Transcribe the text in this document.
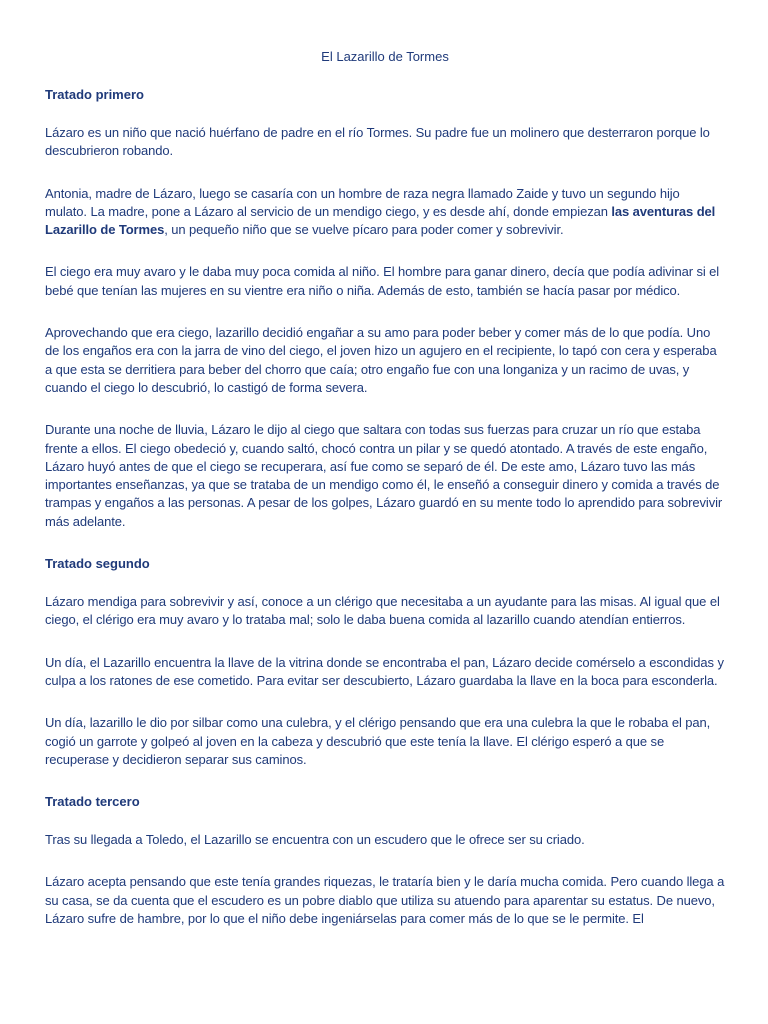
El Lazarillo de Tormes
Tratado primero

Lázaro es un niño que nació huérfano de padre en el río Tormes. Su padre fue un molinero que desterraron porque lo descubrieron robando.

Antonia, madre de Lázaro, luego se casaría con un hombre de raza negra llamado Zaide y tuvo un segundo hijo mulato. La madre, pone a Lázaro al servicio de un mendigo ciego, y es desde ahí, donde empiezan las aventuras del Lazarillo de Tormes, un pequeño niño que se vuelve pícaro para poder comer y sobrevivir.

El ciego era muy avaro y le daba muy poca comida al niño. El hombre para ganar dinero, decía que podía adivinar si el bebé que tenían las mujeres en su vientre era niño o niña. Además de esto, también se hacía pasar por médico.

Aprovechando que era ciego, lazarillo decidió engañar a su amo para poder beber y comer más de lo que podía. Uno de los engaños era con la jarra de vino del ciego, el joven hizo un agujero en el recipiente, lo tapó con cera y esperaba a que esta se derritiera para beber del chorro que caía; otro engaño fue con una longaniza y un racimo de uvas, y cuando el ciego lo descubrió, lo castigó de forma severa.

Durante una noche de lluvia, Lázaro le dijo al ciego que saltara con todas sus fuerzas para cruzar un río que estaba frente a ellos. El ciego obedeció y, cuando saltó, chocó contra un pilar y se quedó atontado. A través de este engaño, Lázaro huyó antes de que el ciego se recuperara, así fue como se separó de él. De este amo, Lázaro tuvo las más importantes enseñanzas, ya que se trataba de un mendigo como él, le enseñó a conseguir dinero y comida a través de trampas y engaños a las personas. A pesar de los golpes, Lázaro guardó en su mente todo lo aprendido para sobrevivir más adelante.

Tratado segundo

Lázaro mendiga para sobrevivir y así, conoce a un clérigo que necesitaba a un ayudante para las misas. Al igual que el ciego, el clérigo era muy avaro y lo trataba mal; solo le daba buena comida al lazarillo cuando atendían entierros.

Un día, el Lazarillo encuentra la llave de la vitrina donde se encontraba el pan, Lázaro decide comérselo a escondidas y culpa a los ratones de ese cometido. Para evitar ser descubierto, Lázaro guardaba la llave en la boca para esconderla.

Un día, lazarillo le dio por silbar como una culebra, y el clérigo pensando que era una culebra la que le robaba el pan, cogió un garrote y golpeó al joven en la cabeza y descubrió que este tenía la llave. El clérigo esperó a que se recuperase y decidieron separar sus caminos.

Tratado tercero

Tras su llegada a Toledo, el Lazarillo se encuentra con un escudero que le ofrece ser su criado.

Lázaro acepta pensando que este tenía grandes riquezas, le trataría bien y le daría mucha comida. Pero cuando llega a su casa, se da cuenta que el escudero es un pobre diablo que utiliza su atuendo para aparentar su estatus. De nuevo, Lázaro sufre de hambre, por lo que el niño debe ingeniárselas para comer más de lo que se le permite. El
